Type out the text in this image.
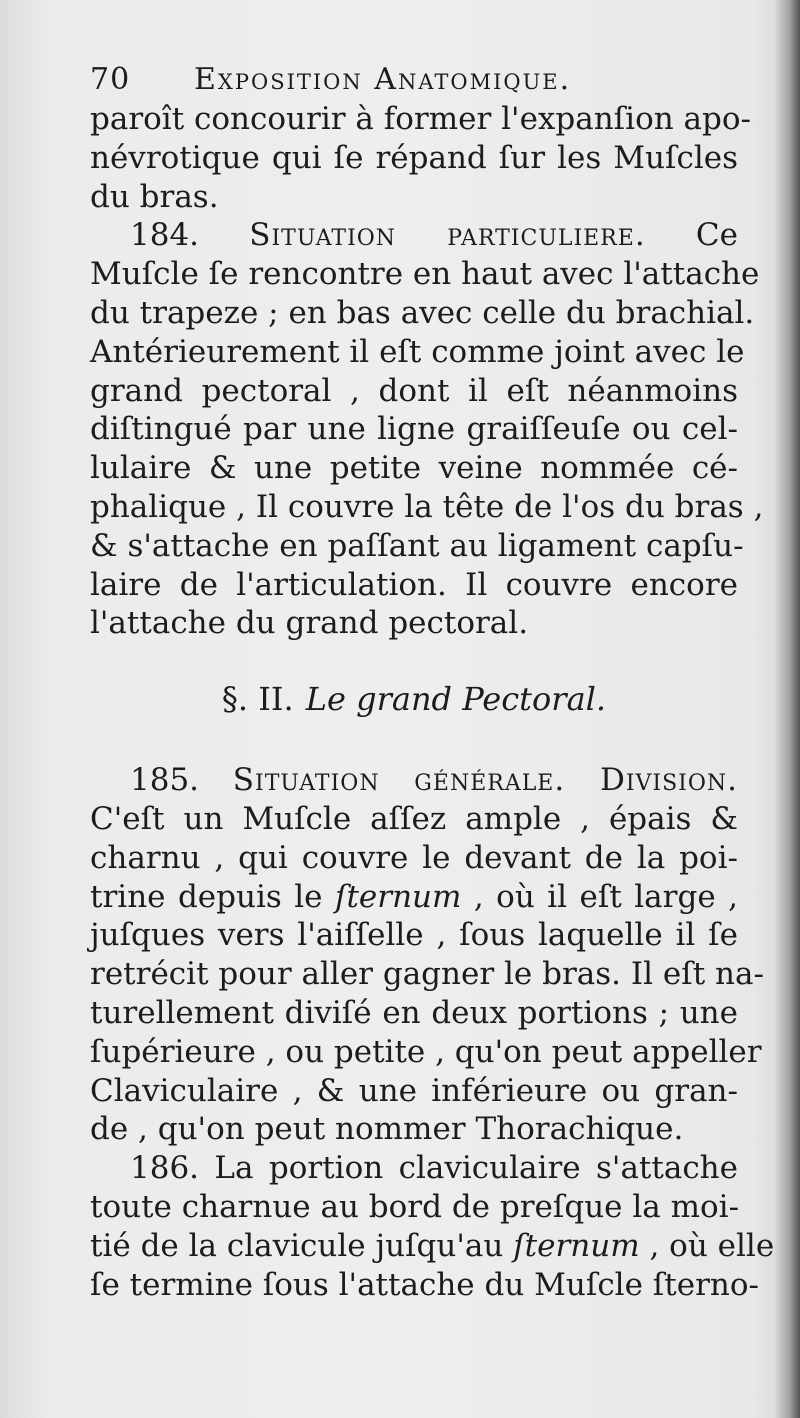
70	Exposition Anatomique.
paroît concourir à former l'expanſion apo-
névrotique qui ſe répand ſur les Muſcles
du bras.
184. Situation particuliere. Ce
Muſcle ſe rencontre en haut avec l'attache
du trapeze ; en bas avec celle du brachial.
Antérieurement il eſt comme joint avec le
grand pectoral , dont il eſt néanmoins
diſtingué par une ligne graiſſeuſe ou cel-
lulaire & une petite veine nommée cé-
phalique , Il couvre la tête de l'os du bras ,
& s'attache en paſſant au ligament capſu-
laire de l'articulation. Il couvre encore
l'attache du grand pectoral.
§. II. Le grand Pectoral.
185. Situation générale. Division.
C'eſt un Muſcle aſſez ample , épais &
charnu , qui couvre le devant de la poi-
trine depuis le ſternum , où il eſt large ,
juſques vers l'aiſſelle , ſous laquelle il ſe
retrécit pour aller gagner le bras. Il eſt na-
turellement diviſé en deux portions ; une
ſupérieure , ou petite , qu'on peut appeller
Claviculaire , & une inférieure ou gran-
de , qu'on peut nommer Thorachique.
186. La portion claviculaire s'attache
toute charnue au bord de preſque la moi-
tié de la clavicule juſqu'au ſternum , où elle
ſe termine ſous l'attache du Muſcle ſterno-
